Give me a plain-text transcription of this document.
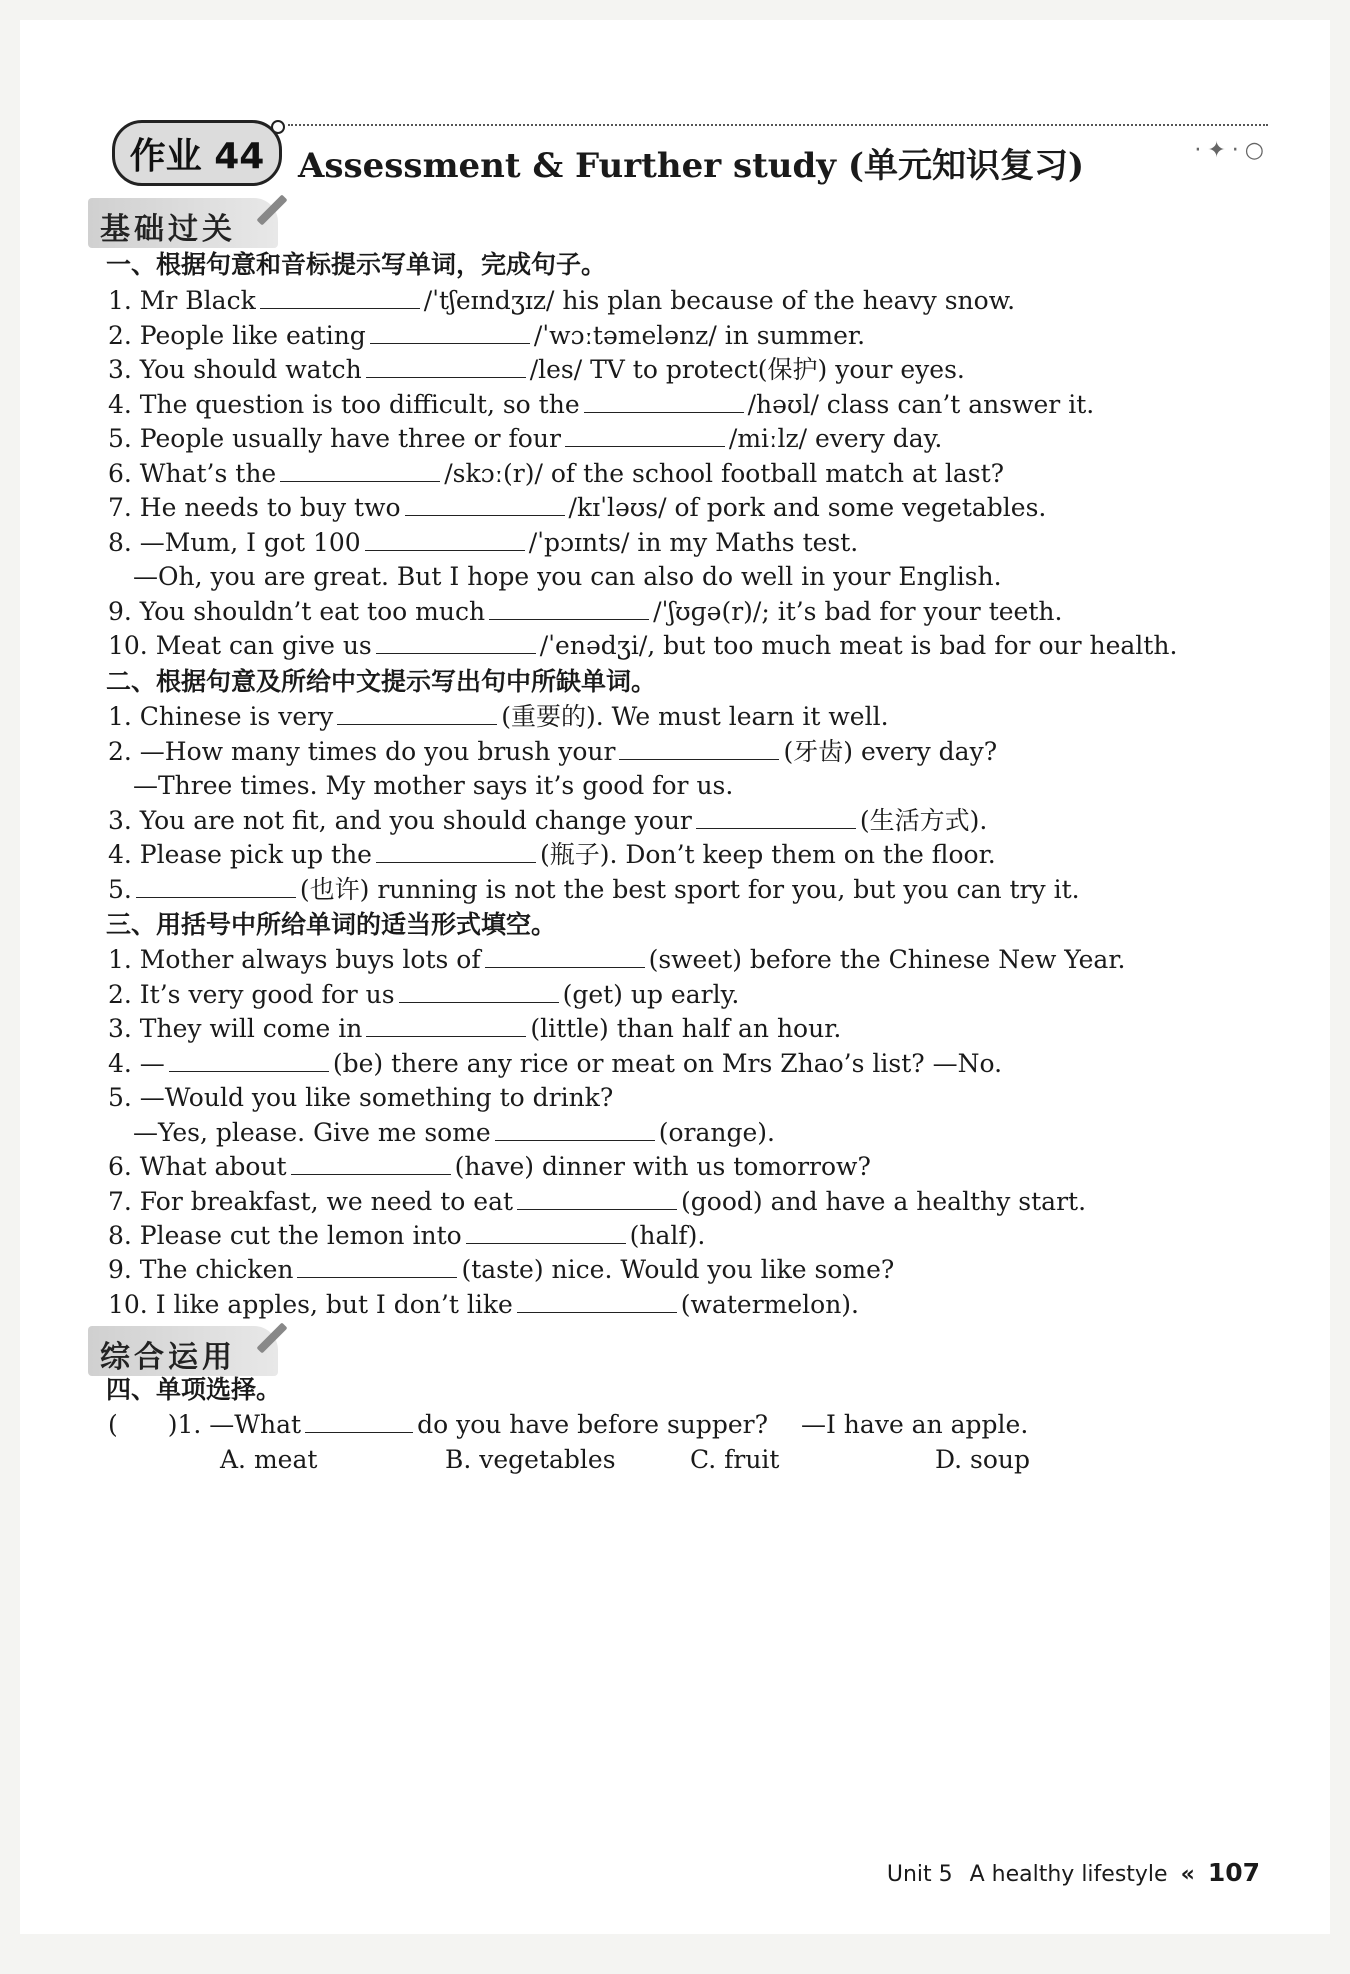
作业 44 Assessment & Further study (单元知识复习)	·✦·○
基础过关
一、根据句意和音标提示写单词，完成句子。
1. Mr Black	/ˈtʃeɪndʒɪz/ his plan because of the heavy snow.
2. People like eating	/ˈwɔːtəmelənz/ in summer.
3. You should watch	/les/ TV to protect(保护) your eyes.
4. The question is too difficult, so the	/həʊl/ class can’t answer it.
5. People usually have three or four	/miːlz/ every day.
6. What’s the	/skɔː(r)/ of the school football match at last?
7. He needs to buy two	/kɪˈləʊs/ of pork and some vegetables.
8. —Mum, I got 100	/ˈpɔɪnts/ in my Maths test.
—Oh, you are great. But I hope you can also do well in your English.
9. You shouldn’t eat too much	/ˈʃʊɡə(r)/; it’s bad for your teeth.
10. Meat can give us	/ˈenədʒi/, but too much meat is bad for our health.
二、根据句意及所给中文提示写出句中所缺单词。
1. Chinese is very	(重要的). We must learn it well.
2. —How many times do you brush your	(牙齿) every day?
—Three times. My mother says it’s good for us.
3. You are not fit, and you should change your	(生活方式).
4. Please pick up the	(瓶子). Don’t keep them on the floor.
5.	(也许) running is not the best sport for you, but you can try it.
三、用括号中所给单词的适当形式填空。
1. Mother always buys lots of	(sweet) before the Chinese New Year.
2. It’s very good for us	(get) up early.
3. They will come in	(little) than half an hour.
4. —	(be) there any rice or meat on Mrs Zhao’s list? —No.
5. —Would you like something to drink?
—Yes, please. Give me some	(orange).
6. What about	(have) dinner with us tomorrow?
7. For breakfast, we need to eat	(good) and have a healthy start.
8. Please cut the lemon into	(half).
9. The chicken	(taste) nice. Would you like some?
10. I like apples, but I don’t like	(watermelon).
综合运用
四、单项选择。
(　　)1. —What	do you have before supper?　 —I have an apple.
A. meat	B. vegetables	C. fruit	D. soup
Unit 5 A healthy lifestyle « 107
